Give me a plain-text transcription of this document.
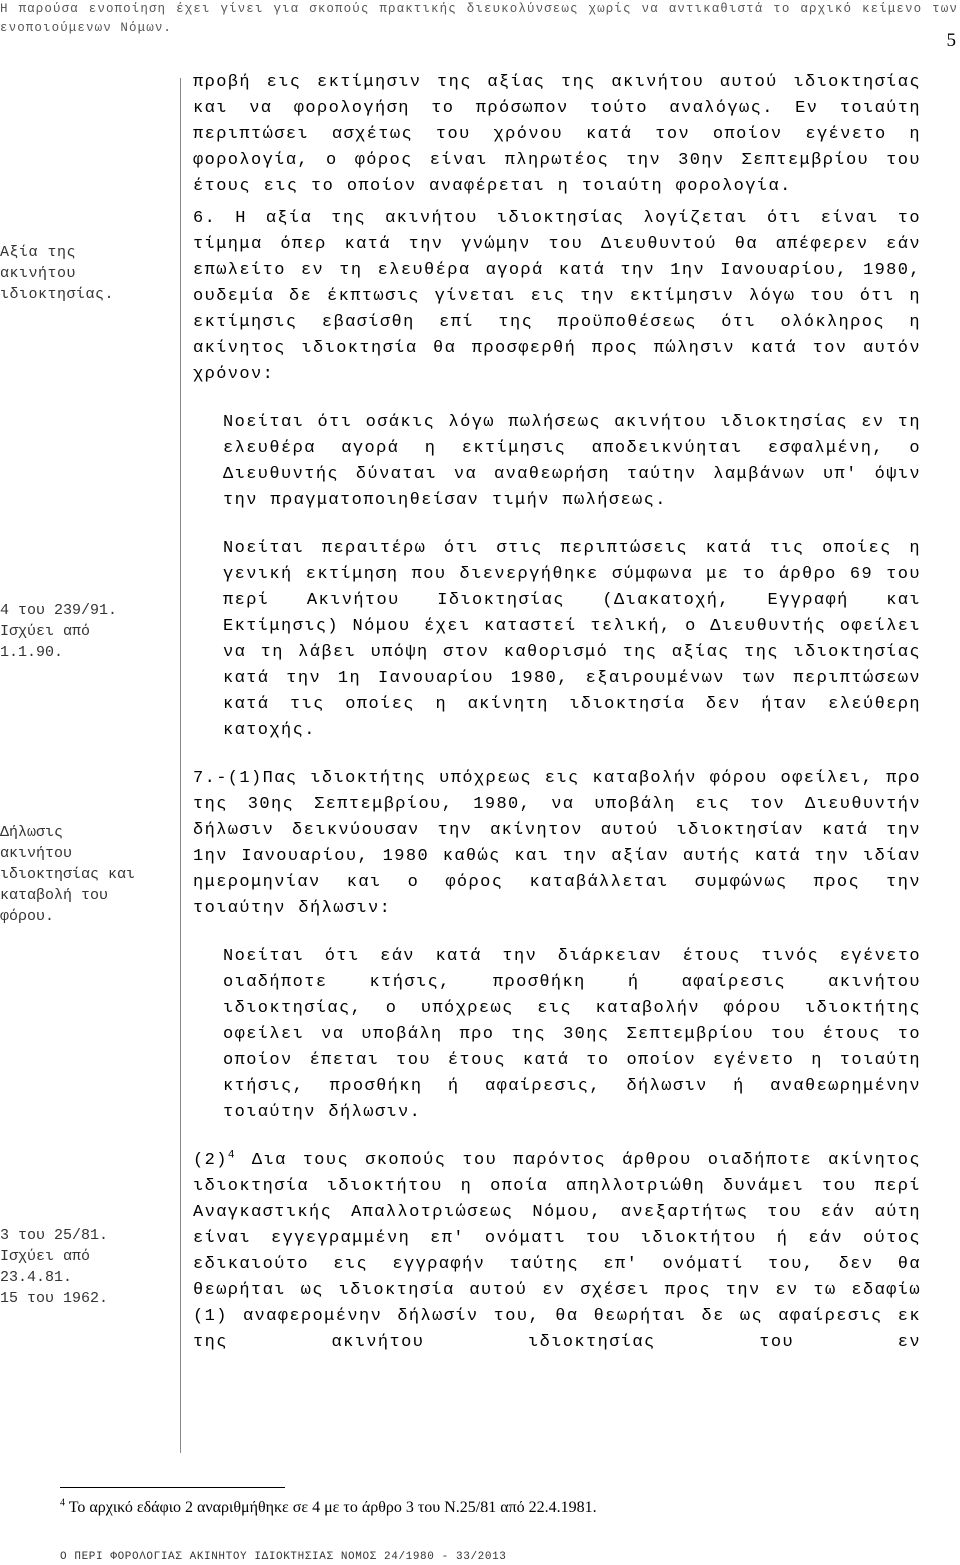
Η παρούσα ενοποίηση έχει γίνει για σκοπούς πρακτικής διευκολύνσεως χωρίς να αντικαθιστά το αρχικό κείμενο των
ενοποιούμενων Νόμων.
5
Αξία της
ακινήτου
ιδιοκτησίας.
4 του 239/91.
Ισχύει από
1.1.90.
Δήλωσις
ακινήτου
ιδιοκτησίας και
καταβολή του
φόρου.
3 του 25/81.
Ισχύει από
23.4.81.
15 του 1962.

προβή εις εκτίμησιν της αξίας της ακινήτου αυτού ιδιοκτησίας και να φορολογήση το πρόσωπον τούτο αναλόγως. Εν τοιαύτη περιπτώσει ασχέτως του χρόνου κατά τον οποίον εγένετο η φορολογία, ο φόρος είναι πληρωτέος την 30ην Σεπτεμβρίου του έτους εις το οποίον αναφέρεται η τοιαύτη φορολογία.

6. Η αξία της ακινήτου ιδιοκτησίας λογίζεται ότι είναι το τίμημα όπερ κατά την γνώμην του Διευθυντού θα απέφερεν εάν επωλείτο εν τη ελευθέρα αγορά κατά την 1ην Ιανουαρίου, 1980, ουδεμία δε έκπτωσις γίνεται εις την εκτίμησιν λόγω του ότι η εκτίμησις εβασίσθη επί της προϋποθέσεως ότι ολόκληρος η ακίνητος ιδιοκτησία θα προσφερθή προς πώλησιν κατά τον αυτόν χρόνον:

Νοείται ότι οσάκις λόγω πωλήσεως ακινήτου ιδιοκτησίας εν τη ελευθέρα αγορά η εκτίμησις αποδεικνύηται εσφαλμένη, ο Διευθυντής δύναται να αναθεωρήση ταύτην λαμβάνων υπ' όψιν την πραγματοποιηθείσαν τιμήν πωλήσεως.

Νοείται περαιτέρω ότι στις περιπτώσεις κατά τις οποίες η γενική εκτίμηση που διενεργήθηκε σύμφωνα με το άρθρο 69 του περί Ακινήτου Ιδιοκτησίας (Διακατοχή, Εγγραφή και Εκτίμησις) Νόμου έχει καταστεί τελική, ο Διευθυντής οφείλει να τη λάβει υπόψη στον καθορισμό της αξίας της ιδιοκτησίας κατά την 1η Ιανουαρίου 1980, εξαιρουμένων των περιπτώσεων κατά τις οποίες η ακίνητη ιδιοκτησία δεν ήταν ελεύθερη κατοχής.

7.-(1)Πας ιδιοκτήτης υπόχρεως εις καταβολήν φόρου οφείλει, προ της 30ης Σεπτεμβρίου, 1980, να υποβάλη εις τον Διευθυντήν δήλωσιν δεικνύουσαν την ακίνητον αυτού ιδιοκτησίαν κατά την 1ην Ιανουαρίου, 1980 καθώς και την αξίαν αυτής κατά την ιδίαν ημερομηνίαν και ο φόρος καταβάλλεται συμφώνως προς την τοιαύτην δήλωσιν:

Νοείται ότι εάν κατά την διάρκειαν έτους τινός εγένετο οιαδήποτε κτήσις, προσθήκη ή αφαίρεσις ακινήτου ιδιοκτησίας, ο υπόχρεως εις καταβολήν φόρου ιδιοκτήτης οφείλει να υποβάλη προ της 30ης Σεπτεμβρίου του έτους το οποίον έπεται του έτους κατά το οποίον εγένετο η τοιαύτη κτήσις, προσθήκη ή αφαίρεσις, δήλωσιν ή αναθεωρημένην τοιαύτην δήλωσιν.

$(2)^4$ Δια τους σκοπούς του παρόντος άρθρου οιαδήποτε ακίνητος ιδιοκτησία ιδιοκτήτου η οποία απηλλοτριώθη δυνάμει του περί Αναγκαστικής Απαλλοτριώσεως Νόμου, ανεξαρτήτως του εάν αύτη είναι εγγεγραμμένη επ' ονόματι του ιδιοκτήτου ή εάν ούτος εδικαιούτο εις εγγραφήν ταύτης επ' ονόματί του, δεν θα θεωρήται ως ιδιοκτησία αυτού εν σχέσει προς την εν τω εδαφίω (1) αναφερομένην δήλωσίν του, θα θεωρήται δε ως αφαίρεσις εκ της ακινήτου ιδιοκτησίας του εν

$^4$ Το αρχικό εδάφιο 2 αναριθμήθηκε σε 4 με το άρθρο 3 του Ν.25/81 από 22.4.1981.
Ο ΠΕΡΙ ΦΟΡΟΛΟΓΙΑΣ ΑΚΙΝΗΤΟΥ ΙΔΙΟΚΤΗΣΙΑΣ ΝΟΜΟΣ 24/1980 - 33/2013
